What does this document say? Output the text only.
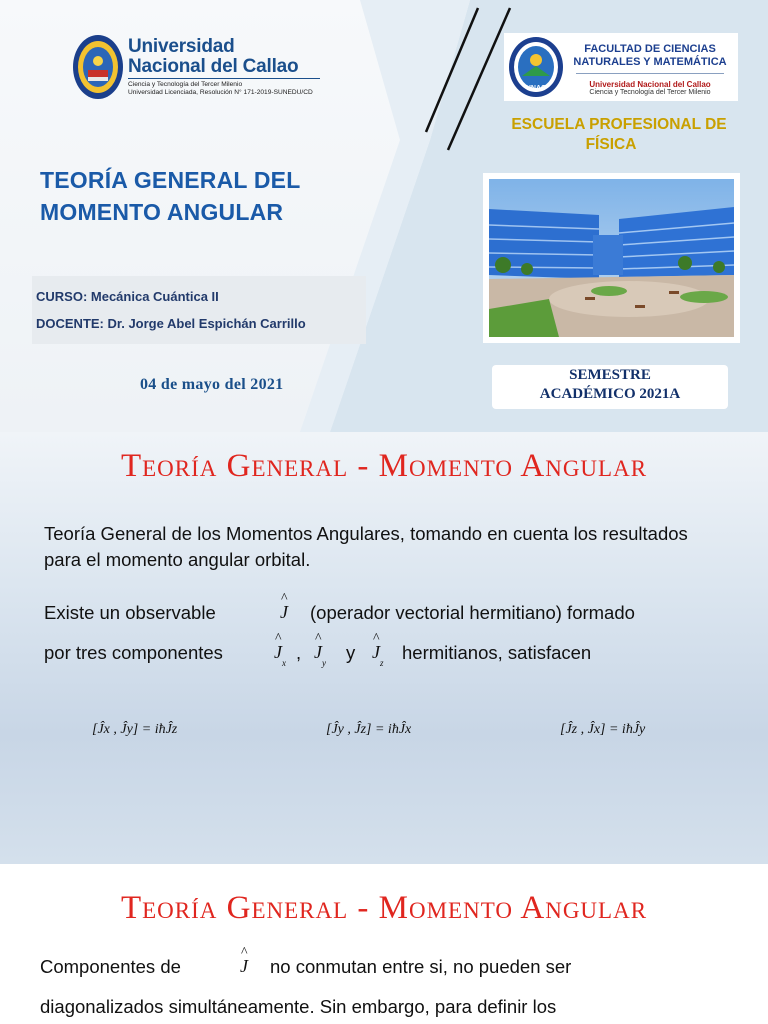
Universidad
Nacional del Callao
Ciencia y Tecnología del Tercer Milenio
Universidad Licenciada, Resolución N° 171-2019-SUNEDU/CD
TEORÍA GENERAL DEL MOMENTO ANGULAR
CURSO: Mecánica Cuántica II
DOCENTE: Dr. Jorge Abel Espichán Carrillo
04 de mayo del 2021
UNAC
FACULTAD DE CIENCIAS
NATURALES Y MATEMÁTICA
Universidad Nacional del Callao
Ciencia y Tecnología del Tercer Milenio
ESCUELA PROFESIONAL DE
FÍSICA
SEMESTRE
ACADÉMICO 2021A
Teoría General - Momento Angular
Teoría General de los Momentos Angulares, tomando en cuenta los resultados para el momento angular orbital.
Existe un observable
^
J (operador vectorial hermitiano) formado
por tres componentes
^
$J_x$ ,
^
$J_y$ y
^
$J_z$ hermitianos, satisfacen
[Ĵx , Ĵy] = iħĴz	[Ĵy , Ĵz] = iħĴx	[Ĵz , Ĵx] = iħĴy
Teoría General - Momento Angular
Componentes de
^
J no conmutan entre si, no pueden ser
diagonalizados simultáneamente. Sin embargo, para definir los
